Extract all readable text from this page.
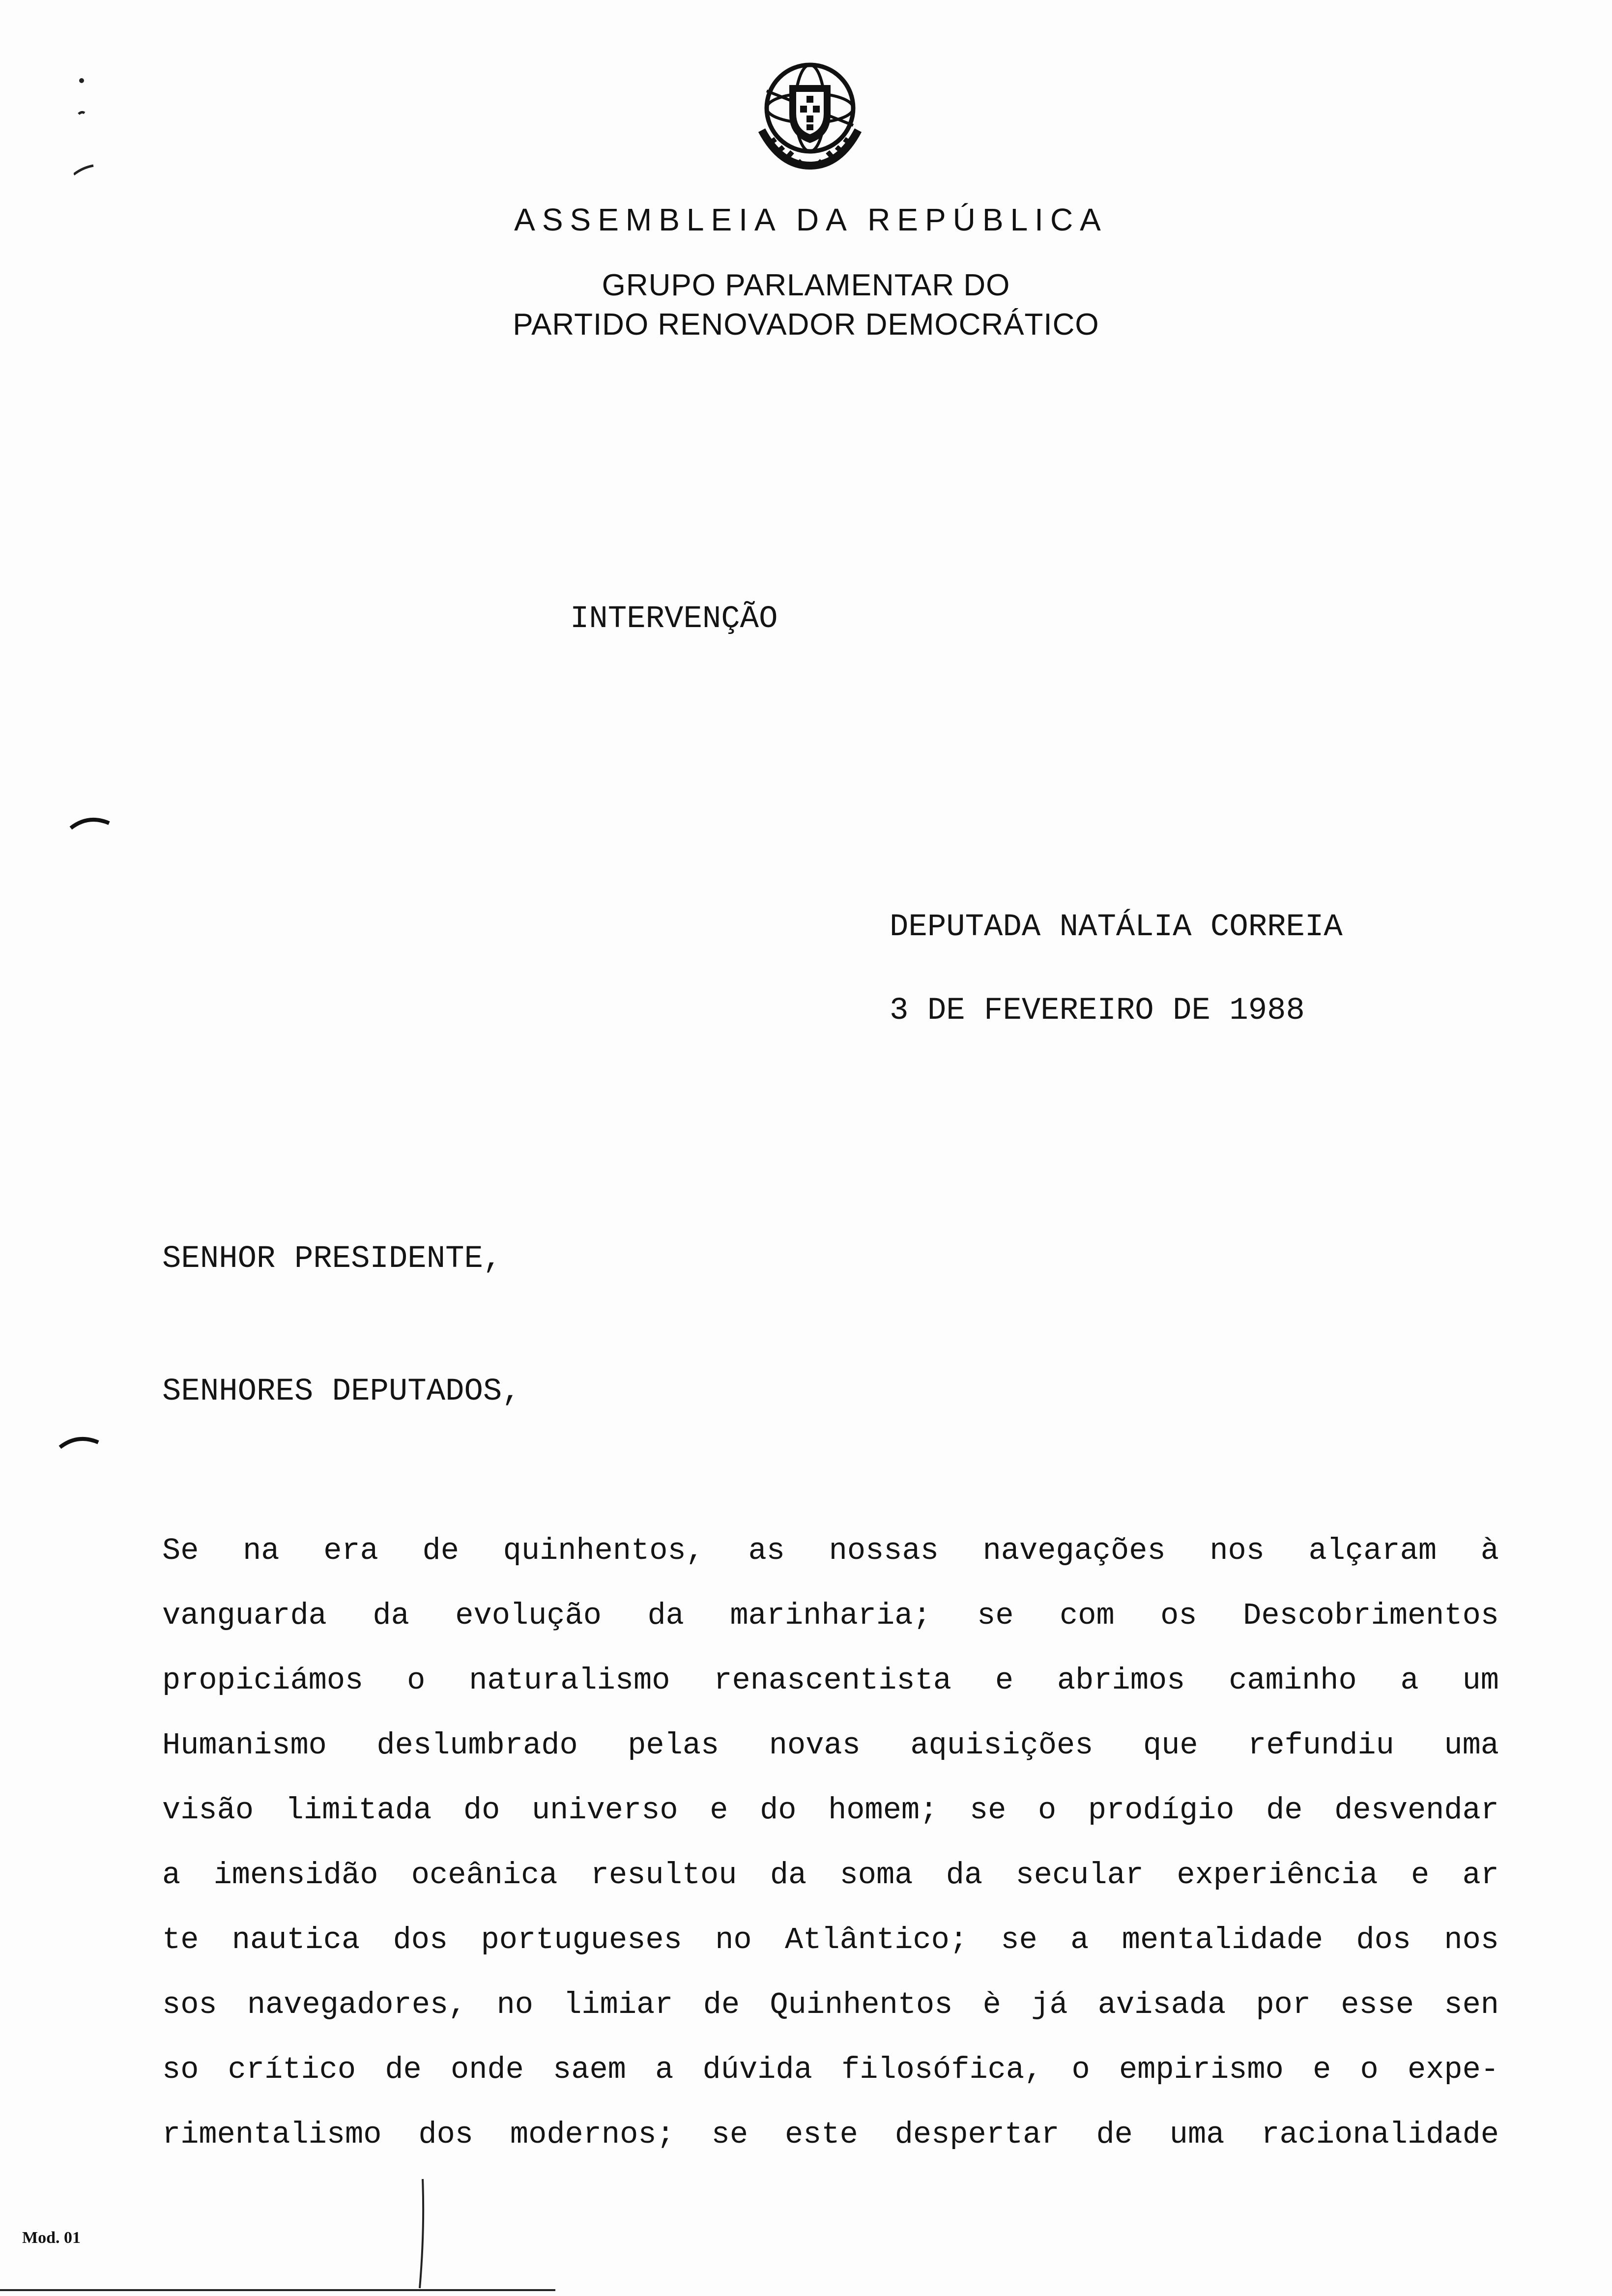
ASSEMBLEIA DA REPÚBLICA
GRUPO PARLAMENTAR DO
PARTIDO RENOVADOR DEMOCRÁTICO
INTERVENÇÃO
DEPUTADA NATÁLIA CORREIA
3 DE FEVEREIRO DE 1988
SENHOR PRESIDENTE,
SENHORES DEPUTADOS,
Se na era de quinhentos, as nossas navegações nos alçaram à
vanguarda da evolução da marinharia; se com os Descobrimentos
propiciámos o naturalismo renascentista e abrimos caminho a um
Humanismo deslumbrado pelas novas aquisições que refundiu uma
visão limitada do universo e do homem; se o prodígio de desvendar
a imensidão oceânica resultou da soma da secular experiência e ar
te nautica dos portugueses no Atlântico; se a mentalidade dos nos
sos navegadores, no limiar de Quinhentos è já avisada por esse sen
so crítico de onde saem a dúvida filosófica, o empirismo e o expe-
rimentalismo dos modernos; se este despertar de uma racionalidade
Mod. 01
